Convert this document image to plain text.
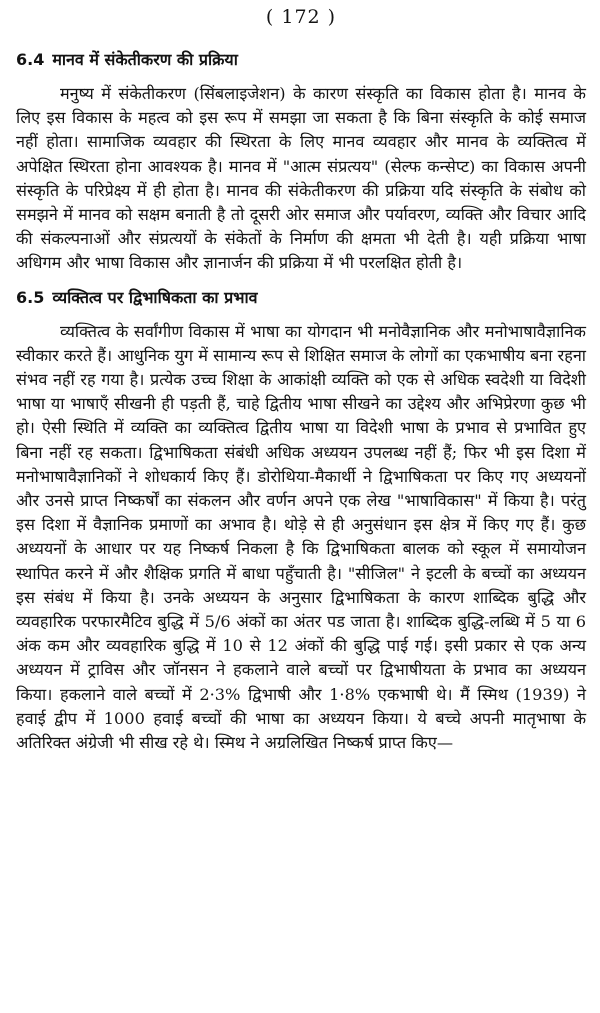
( 172 )
6.4 मानव में संकेतीकरण की प्रक्रिया

मनुष्य में संकेतीकरण (सिंबलाइजेशन) के कारण संस्कृति का विकास होता है। मानव के लिए इस विकास के महत्व को इस रूप में समझा जा सकता है कि बिना संस्कृति के कोई समाज नहीं होता। सामाजिक व्यवहार की स्थिरता के लिए मानव व्यवहार और मानव के व्यक्तित्व में अपेक्षित स्थिरता होना आवश्यक है। मानव में "आत्म संप्रत्यय" (सेल्फ कन्सेप्ट) का विकास अपनी संस्कृति के परिप्रेक्ष्य में ही होता है। मानव की संकेतीकरण की प्रक्रिया यदि संस्कृति के संबोध को समझने में मानव को सक्षम बनाती है तो दूसरी ओर समाज और पर्यावरण, व्यक्ति और विचार आदि की संकल्पनाओं और संप्रत्ययों के संकेतों के निर्माण की क्षमता भी देती है। यही प्रक्रिया भाषा अधिगम और भाषा विकास और ज्ञानार्जन की प्रक्रिया में भी परलक्षित होती है।

6.5 व्यक्तित्व पर द्विभाषिकता का प्रभाव

व्यक्तित्व के सर्वांगीण विकास में भाषा का योगदान भी मनोवैज्ञानिक और मनोभाषावैज्ञानिक स्वीकार करते हैं। आधुनिक युग में सामान्य रूप से शिक्षित समाज के लोगों का एकभाषीय बना रहना संभव नहीं रह गया है। प्रत्येक उच्च शिक्षा के आकांक्षी व्यक्ति को एक से अधिक स्वदेशी या विदेशी भाषा या भाषाएँ सीखनी ही पड़ती हैं, चाहे द्वितीय भाषा सीखने का उद्देश्य और अभिप्रेरणा कुछ भी हो। ऐसी स्थिति में व्यक्ति का व्यक्तित्व द्वितीय भाषा या विदेशी भाषा के प्रभाव से प्रभावित हुए बिना नहीं रह सकता। द्विभाषिकता संबंधी अधिक अध्ययन उपलब्ध नहीं हैं; फिर भी इस दिशा में मनोभाषावैज्ञानिकों ने शोधकार्य किए हैं। डोरोथिया-मैकार्थी ने द्विभाषिकता पर किए गए अध्ययनों और उनसे प्राप्त निष्कर्षों का संकलन और वर्णन अपने एक लेख "भाषाविकास" में किया है। परंतु इस दिशा में वैज्ञानिक प्रमाणों का अभाव है। थोड़े से ही अनुसंधान इस क्षेत्र में किए गए हैं। कुछ अध्ययनों के आधार पर यह निष्कर्ष निकला है कि द्विभाषिकता बालक को स्कूल में समायोजन स्थापित करने में और शैक्षिक प्रगति में बाधा पहुँचाती है। "सीजिल" ने इटली के बच्चों का अध्ययन इस संबंध में किया है। उनके अध्ययन के अनुसार द्विभाषिकता के कारण शाब्दिक बुद्धि और व्यवहारिक परफारमैटिव बुद्धि में 5/6 अंकों का अंतर पड जाता है। शाब्दिक बुद्धि-लब्धि में 5 या 6 अंक कम और व्यवहारिक बुद्धि में 10 से 12 अंकों की बुद्धि पाई गई। इसी प्रकार से एक अन्य अध्ययन में ट्राविस और जॉनसन ने हकलाने वाले बच्चों पर द्विभाषीयता के प्रभाव का अध्ययन किया। हकलाने वाले बच्चों में 2·3% द्विभाषी और 1·8% एकभाषी थे। मैं स्मिथ (1939) ने हवाई द्वीप में 1000 हवाई बच्चों की भाषा का अध्ययन किया। ये बच्चे अपनी मातृभाषा के अतिरिक्त अंग्रेजी भी सीख रहे थे। स्मिथ ने अग्रलिखित निष्कर्ष प्राप्त किए—
